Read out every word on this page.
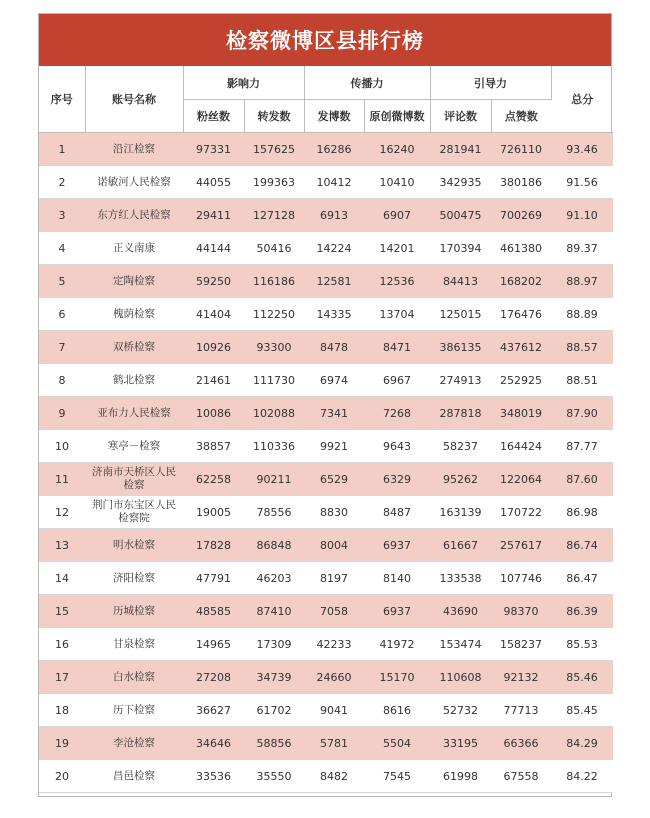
检察微博区县排行榜
序号	账号名称	影响力		传播力		引导力		总分
		粉丝数	转发数	发博数	原创微博数	评论数	点赞数	
1	沿江检察	97331	157625	16286	16240	281941	726110	93.46
2	诺敏河人民检察	44055	199363	10412	10410	342935	380186	91.56
3	东方红人民检察	29411	127128	6913	6907	500475	700269	91.10
4	正义南康	44144	50416	14224	14201	170394	461380	89.37
5	定陶检察	59250	116186	12581	12536	84413	168202	88.97
6	槐荫检察	41404	112250	14335	13704	125015	176476	88.89
7	双桥检察	10926	93300	8478	8471	386135	437612	88.57
8	鹤北检察	21461	111730	6974	6967	274913	252925	88.51
9	亚布力人民检察	10086	102088	7341	7268	287818	348019	87.90
10	寒亭－检察	38857	110336	9921	9643	58237	164424	87.77
11	济南市天桥区人民检察	62258	90211	6529	6329	95262	122064	87.60
12	荆门市东宝区人民检察院	19005	78556	8830	8487	163139	170722	86.98
13	明水检察	17828	86848	8004	6937	61667	257617	86.74
14	济阳检察	47791	46203	8197	8140	133538	107746	86.47
15	历城检察	48585	87410	7058	6937	43690	98370	86.39
16	甘泉检察	14965	17309	42233	41972	153474	158237	85.53
17	白水检察	27208	34739	24660	15170	110608	92132	85.46
18	历下检察	36627	61702	9041	8616	52732	77713	85.45
19	李沧检察	34646	58856	5781	5504	33195	66366	84.29
20	昌邑检察	33536	35550	8482	7545	61998	67558	84.22
